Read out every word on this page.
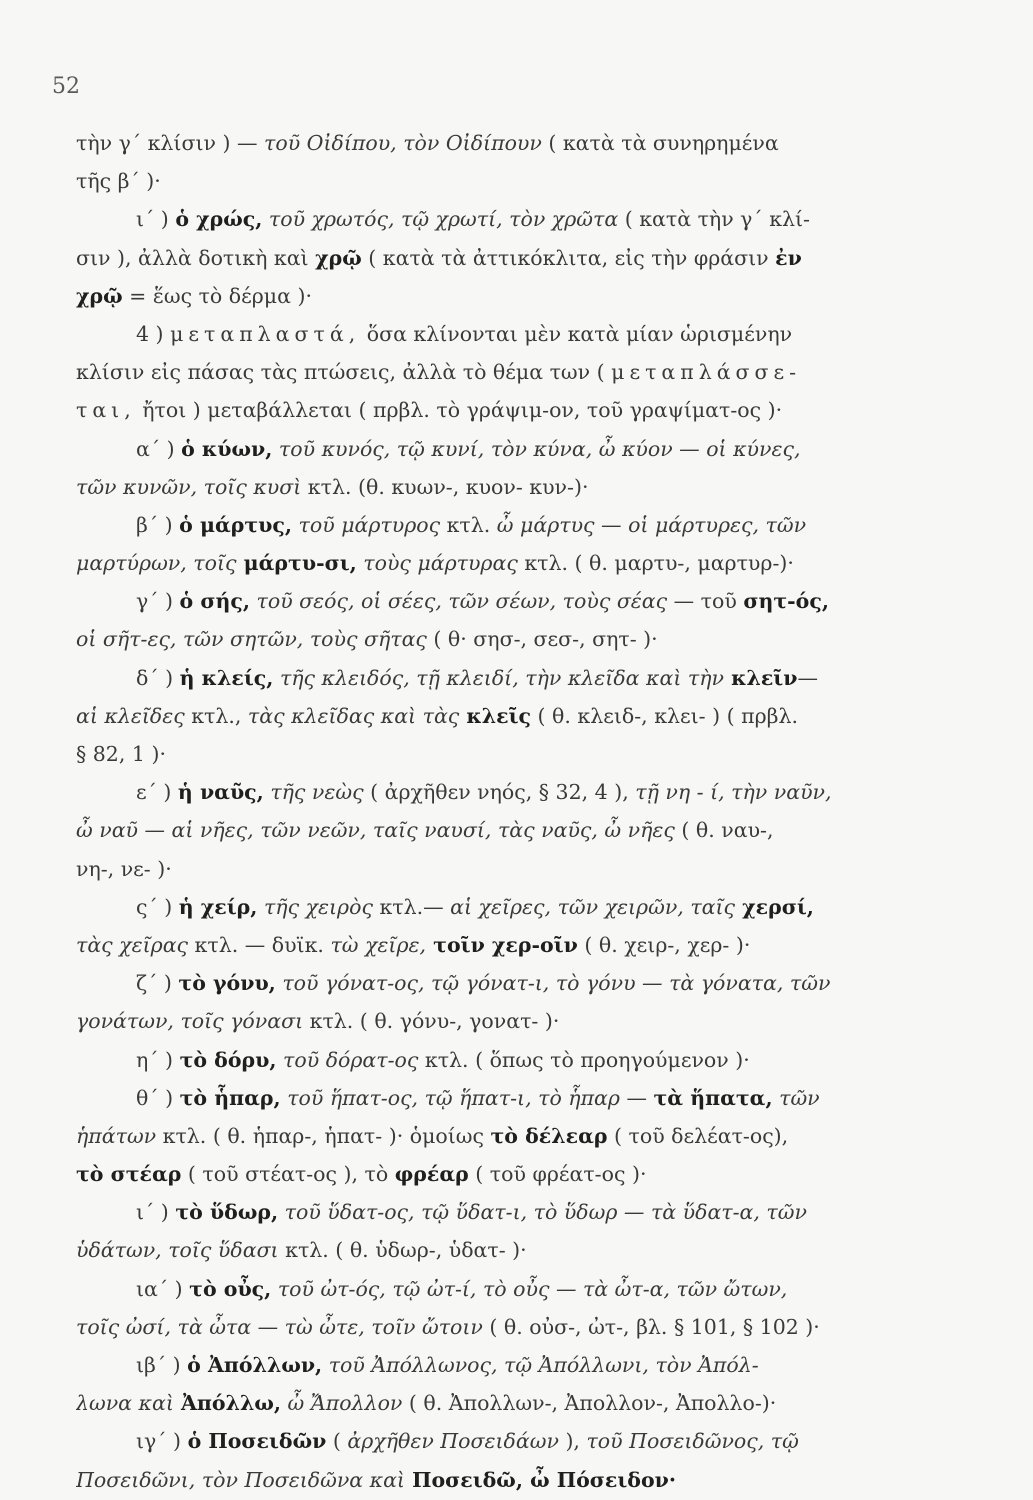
52
τὴν γ΄ κλίσιν ) — τοῦ Οἰδίπου, τὸν Οἰδίπουν ( κατὰ τὰ συνηρημένα
τῆς β΄ )·
ι΄ ) ὁ χρώς, τοῦ χρωτός, τῷ χρωτί, τὸν χρῶτα ( κατὰ τὴν γ΄ κλί-
σιν ), ἀλλὰ δοτικὴ καὶ χρῷ ( κατὰ τὰ ἀττικόκλιτα, εἰς τὴν φράσιν ἐν
χρῷ = ἕως τὸ δέρμα )·
4 ) μεταπλαστά, ὅσα κλίνονται μὲν κατὰ μίαν ὡρισμένην
κλίσιν εἰς πάσας τὰς πτώσεις, ἀλλὰ τὸ θέμα των ( μεταπλάσσε-
ται, ἤτοι ) μεταβάλλεται ( πρβλ. τὸ γράψιμ-ον, τοῦ γραψίματ-ος )·
α΄ ) ὁ κύων, τοῦ κυνός, τῷ κυνί, τὸν κύνα, ὦ κύον — οἱ κύνες,
τῶν κυνῶν, τοῖς κυσὶ κτλ. (θ. κυων-, κυον- κυν-)·
β΄ ) ὁ μάρτυς, τοῦ μάρτυρος κτλ. ὦ μάρτυς — οἱ μάρτυρες, τῶν
μαρτύρων, τοῖς μάρτυ-σι, τοὺς μάρτυρας κτλ. ( θ. μαρτυ-, μαρτυρ-)·
γ΄ ) ὁ σής, τοῦ σεός, οἱ σέες, τῶν σέων, τοὺς σέας — τοῦ σητ-ός,
οἱ σῆτ-ες, τῶν σητῶν, τοὺς σῆτας ( θ· σησ-, σεσ-, σητ- )·
δ΄ ) ἡ κλείς, τῆς κλειδός, τῇ κλειδί, τὴν κλεῖδα καὶ τὴν κλεῖν—
αἱ κλεῖδες κτλ., τὰς κλεῖδας καὶ τὰς κλεῖς ( θ. κλειδ-, κλει- ) ( πρβλ.
§ 82, 1 )·
ε΄ ) ἡ ναῦς, τῆς νεὼς ( ἀρχῆθεν νηός, § 32, 4 ), τῇ νη - ί, τὴν ναῦν,
ὦ ναῦ — αἱ νῆες, τῶν νεῶν, ταῖς ναυσί, τὰς ναῦς, ὦ νῆες ( θ. ναυ-,
νη-, νε- )·
ς΄ ) ἡ χείρ, τῆς χειρὸς κτλ.— αἱ χεῖρες, τῶν χειρῶν, ταῖς χερσί,
τὰς χεῖρας κτλ. — δυϊκ. τὼ χεῖρε, τοῖν χερ-οῖν ( θ. χειρ-, χερ- )·
ζ΄ ) τὸ γόνυ, τοῦ γόνατ-ος, τῷ γόνατ-ι, τὸ γόνυ — τὰ γόνατα, τῶν
γονάτων, τοῖς γόνασι κτλ. ( θ. γόνυ-, γονατ- )·
η΄ ) τὸ δόρυ, τοῦ δόρατ-ος κτλ. ( ὅπως τὸ προηγούμενον )·
θ΄ ) τὸ ἧπαρ, τοῦ ἥπατ-ος, τῷ ἥπατ-ι, τὸ ἧπαρ — τὰ ἥπατα, τῶν
ἡπάτων κτλ. ( θ. ἡπαρ-, ἡπατ- )· ὁμοίως τὸ δέλεαρ ( τοῦ δελέατ-ος),
τὸ στέαρ ( τοῦ στέατ-ος ), τὸ φρέαρ ( τοῦ φρέατ-ος )·
ι΄ ) τὸ ὕδωρ, τοῦ ὕδατ-ος, τῷ ὕδατ-ι, τὸ ὕδωρ — τὰ ὕδατ-α, τῶν
ὑδάτων, τοῖς ὕδασι κτλ. ( θ. ὑδωρ-, ὑδατ- )·
ια΄ ) τὸ οὖς, τοῦ ὠτ-ός, τῷ ὠτ-ί, τὸ οὖς — τὰ ὦτ-α, τῶν ὤτων,
τοῖς ὠσί, τὰ ὦτα — τὼ ὦτε, τοῖν ὤτοιν ( θ. οὐσ-, ὠτ-, βλ. § 101, § 102 )·
ιβ΄ ) ὁ Ἀπόλλων, τοῦ Ἀπόλλωνος, τῷ Ἀπόλλωνι, τὸν Ἀπόλ-
λωνα καὶ Ἀπόλλω, ὦ Ἄπολλον ( θ. Ἀπολλων-, Ἀπολλον-, Ἀπολλο-)·
ιγ΄ ) ὁ Ποσειδῶν ( ἀρχῆθεν Ποσειδάων ), τοῦ Ποσειδῶνος, τῷ
Ποσειδῶνι, τὸν Ποσειδῶνα καὶ Ποσειδῶ, ὦ Πόσειδον·
